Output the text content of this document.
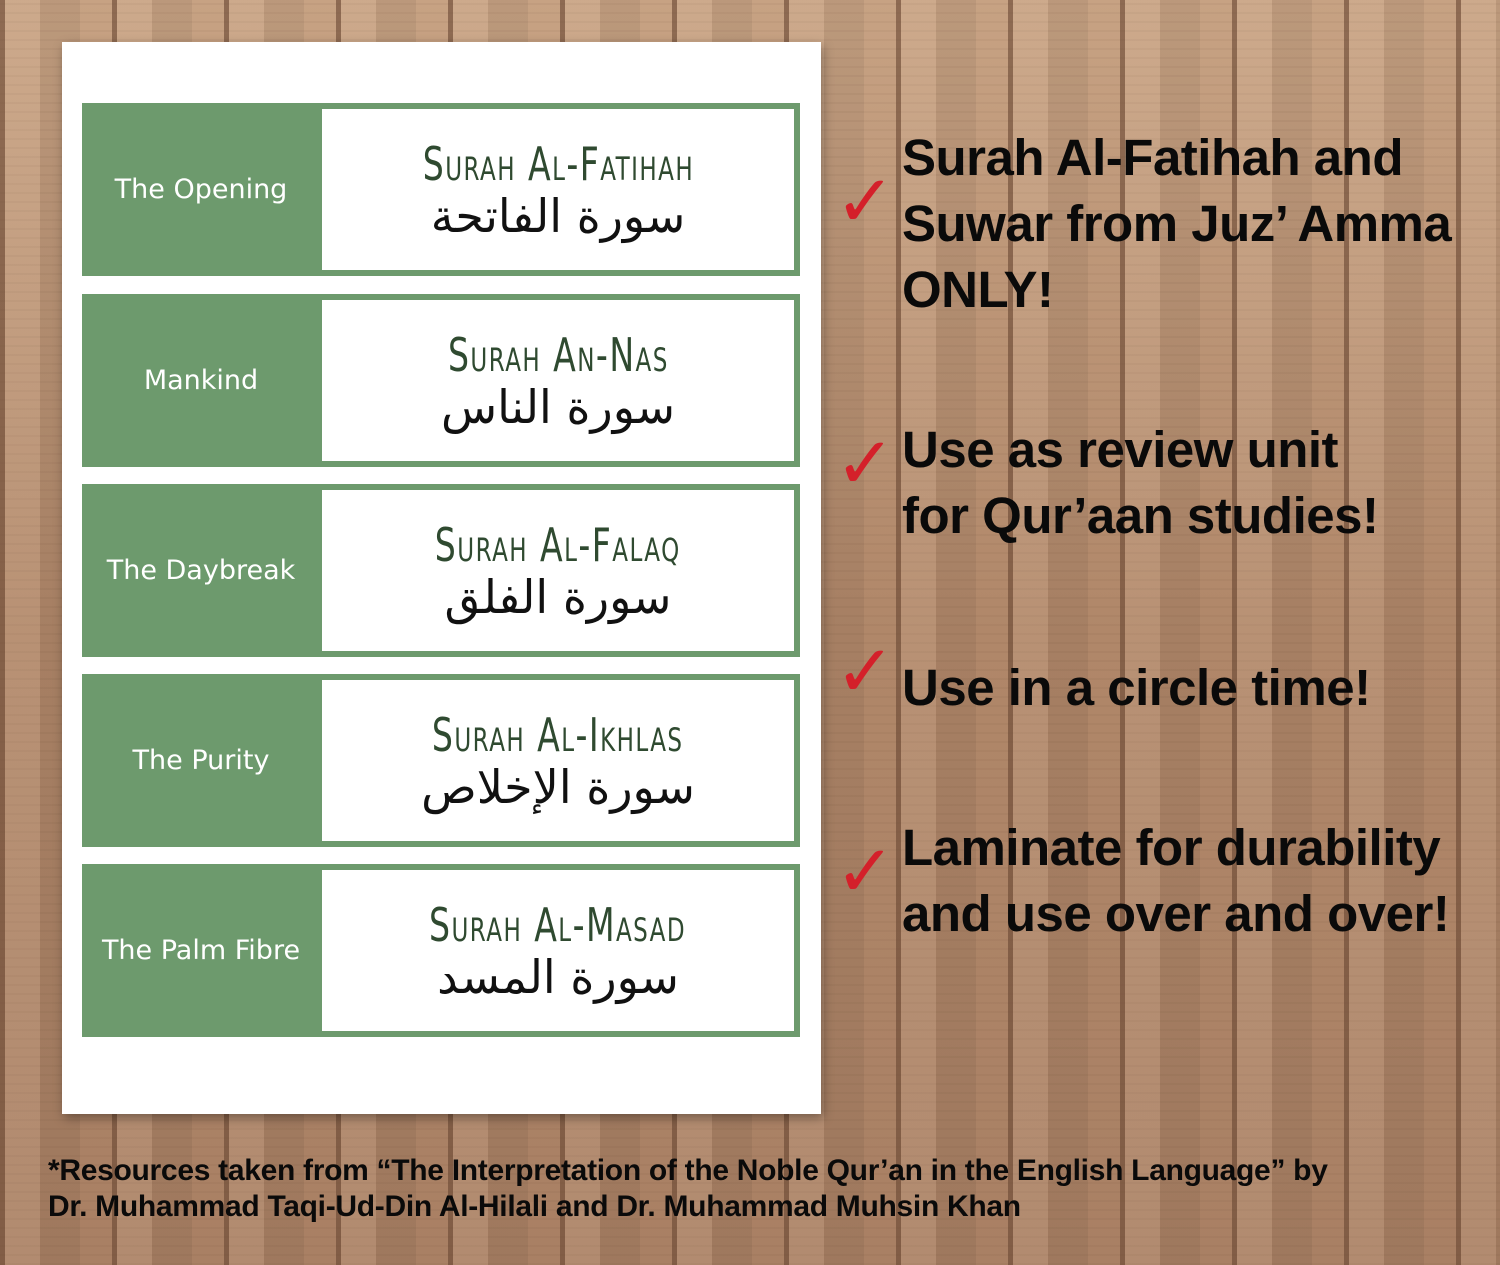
The Opening	Surah Al-Fatihah
سورة الفاتحة
Mankind	Surah An-Nas
سورة الناس
The Daybreak	Surah Al-Falaq
سورة الفلق
The Purity	Surah Al-Ikhlas
سورة الإخلاص
The Palm Fibre	Surah Al-Masad
سورة المسد
✓
Surah Al-Fatihah and
Suwar from Juz’ Amma
ONLY!
✓ Use as review unit
for Qur’aan studies!
✓ Use in a circle time!
✓ Laminate for durability
and use over and over!
*Resources taken from “The Interpretation of the Noble Qur’an in the English Language” by
Dr. Muhammad Taqi-Ud-Din Al-Hilali and Dr. Muhammad Muhsin Khan
